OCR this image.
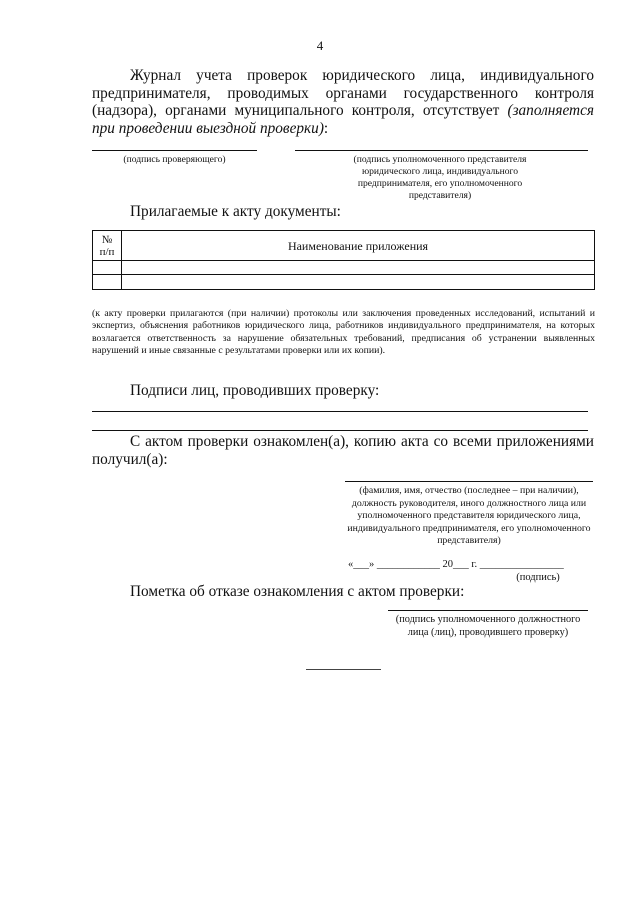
4
Журнал учета проверок юридического лица, индивидуального предпринимателя, проводимых органами государственного контроля (надзора), органами муниципального контроля, отсутствует (заполняется при проведении выездной проверки):
(подпись проверяющего)	(подпись уполномоченного представителя юридического лица, индивидуального предпринимателя, его уполномоченного представителя)
Прилагаемые к акту документы:
№ п/п	Наименование приложения

(к акту проверки прилагаются (при наличии) протоколы или заключения проведенных исследований, испытаний и экспертиз, объяснения работников юридического лица, работников индивидуального предпринимателя, на которых возлагается ответственность за нарушение обязательных требований, предписания об устранении выявленных нарушений и иные связанные с результатами проверки или их копии).
Подписи лиц, проводивших проверку:
С актом проверки ознакомлен(а), копию акта со всеми приложениями получил(а):
(фамилия, имя, отчество (последнее – при наличии), должность руководителя, иного должностного лица или уполномоченного представителя юридического лица, индивидуального предпринимателя, его уполномоченного представителя)
«___» ____________ 20___ г. ________________
(подпись)
Пометка об отказе ознакомления с актом проверки:
(подпись уполномоченного должностного лица (лиц), проводившего проверку)
